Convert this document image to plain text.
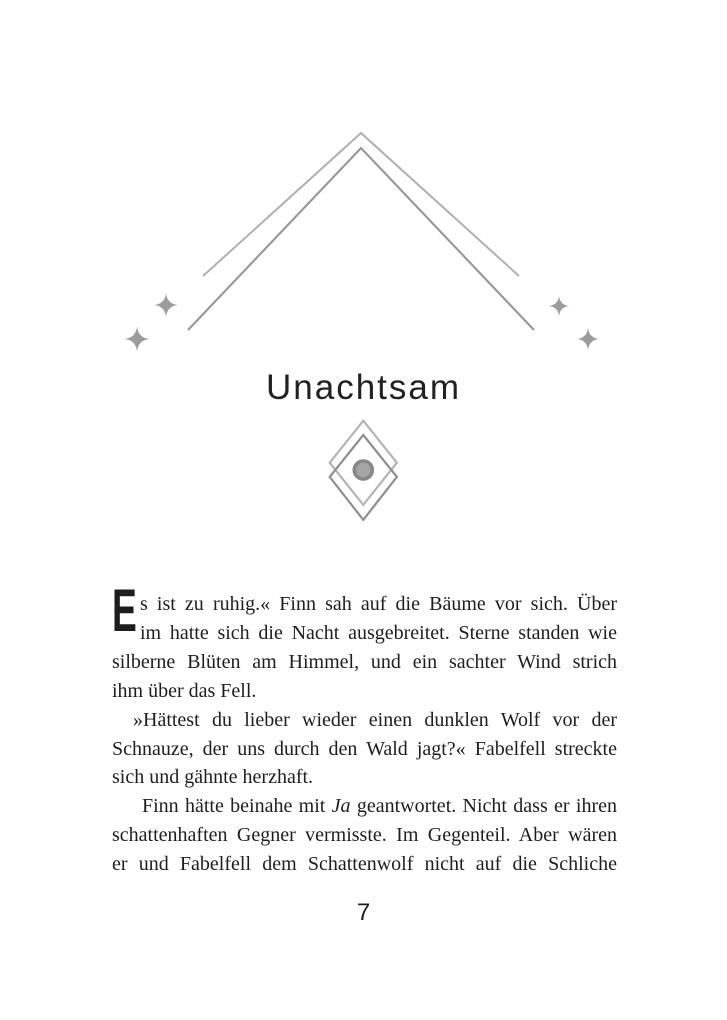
Unachtsam
E s ist zu ruhig.« Finn sah auf die Bäume vor sich. Über
im hatte sich die Nacht ausgebreitet. Sterne standen wie
silberne Blüten am Himmel, und ein sachter Wind strich
ihm über das Fell.
»Hättest du lieber wieder einen dunklen Wolf vor der
Schnauze, der uns durch den Wald jagt?« Fabelfell streckte
sich und gähnte herzhaft.
Finn hätte beinahe mit Ja geantwortet. Nicht dass er ihren
schattenhaften Gegner vermisste. Im Gegenteil. Aber wären
er und Fabelfell dem Schattenwolf nicht auf die Schliche
7
